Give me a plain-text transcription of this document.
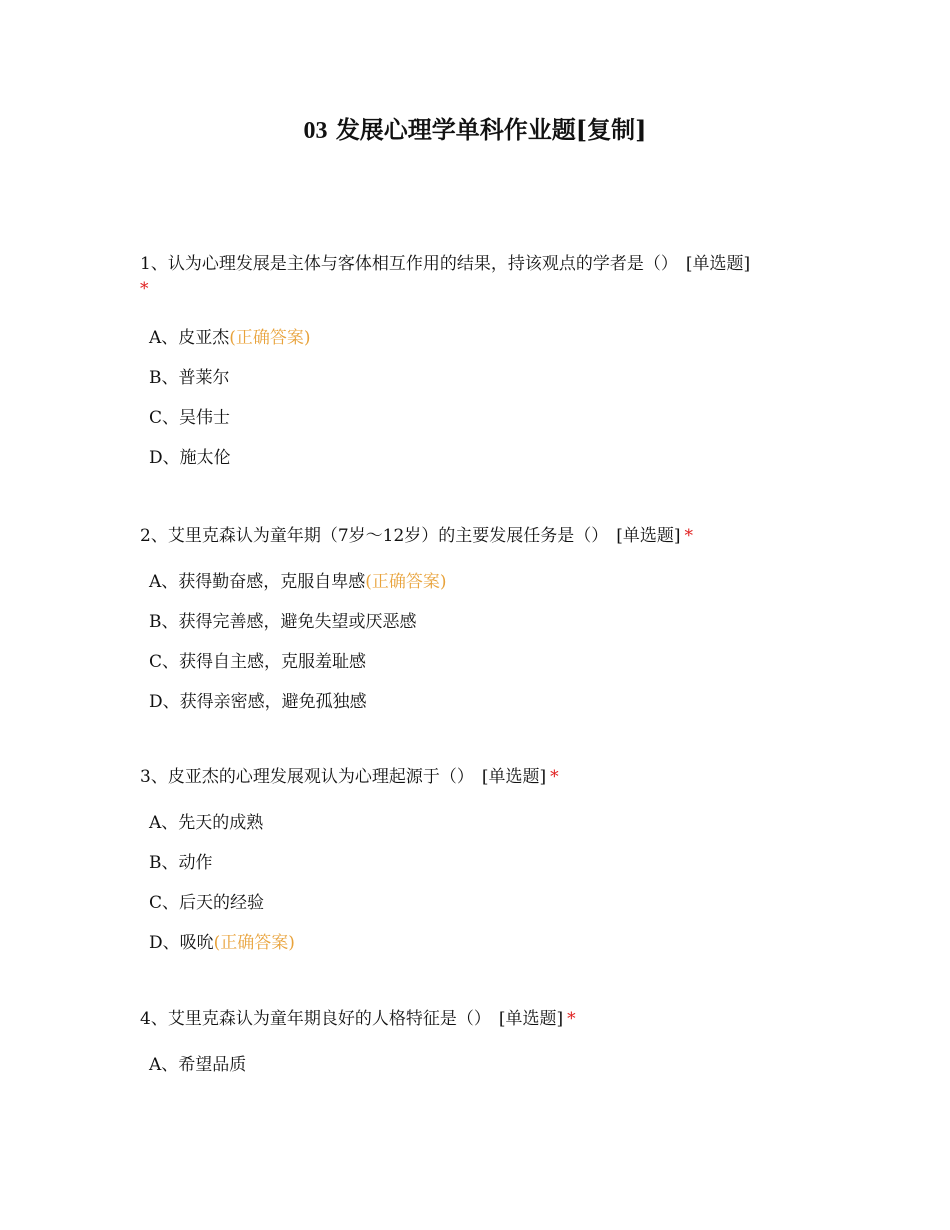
03 发展心理学单科作业题[复制]

1、认为心理发展是主体与客体相互作用的结果，持该观点的学者是（） [单选题]
*

A、皮亚杰(正确答案)
B、普莱尔
C、吴伟士
D、施太伦

2、艾里克森认为童年期（7岁～12岁）的主要发展任务是（） [单选题] *

A、获得勤奋感，克服自卑感(正确答案)
B、获得完善感，避免失望或厌恶感
C、获得自主感，克服羞耻感
D、获得亲密感，避免孤独感

3、皮亚杰的心理发展观认为心理起源于（） [单选题] *

A、先天的成熟
B、动作
C、后天的经验
D、吸吮(正确答案)

4、艾里克森认为童年期良好的人格特征是（） [单选题] *

A、希望品质
